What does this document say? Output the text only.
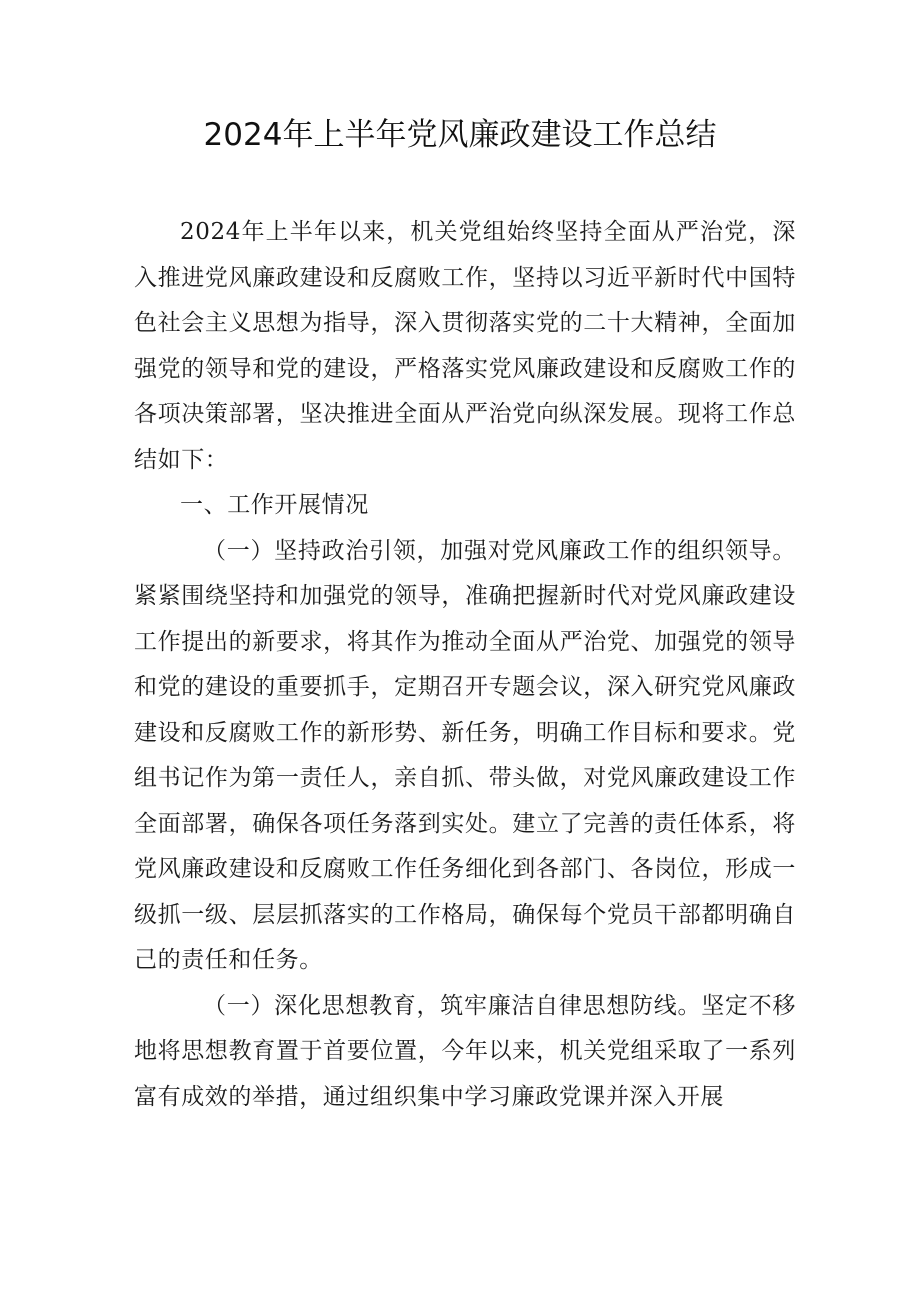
2024年上半年党风廉政建设工作总结

2024年上半年以来，机关党组始终坚持全面从严治党，深入推进党风廉政建设和反腐败工作，坚持以习近平新时代中国特色社会主义思想为指导，深入贯彻落实党的二十大精神，全面加强党的领导和党的建设，严格落实党风廉政建设和反腐败工作的各项决策部署，坚决推进全面从严治党向纵深发展。现将工作总结如下：

一、工作开展情况

（一）坚持政治引领，加强对党风廉政工作的组织领导。紧紧围绕坚持和加强党的领导，准确把握新时代对党风廉政建设工作提出的新要求，将其作为推动全面从严治党、加强党的领导和党的建设的重要抓手，定期召开专题会议，深入研究党风廉政建设和反腐败工作的新形势、新任务，明确工作目标和要求。党组书记作为第一责任人，亲自抓、带头做，对党风廉政建设工作全面部署，确保各项任务落到实处。建立了完善的责任体系，将党风廉政建设和反腐败工作任务细化到各部门、各岗位，形成一级抓一级、层层抓落实的工作格局，确保每个党员干部都明确自己的责任和任务。

（一）深化思想教育，筑牢廉洁自律思想防线。坚定不移地将思想教育置于首要位置，今年以来，机关党组采取了一系列富有成效的举措，通过组织集中学习廉政党课并深入开展
